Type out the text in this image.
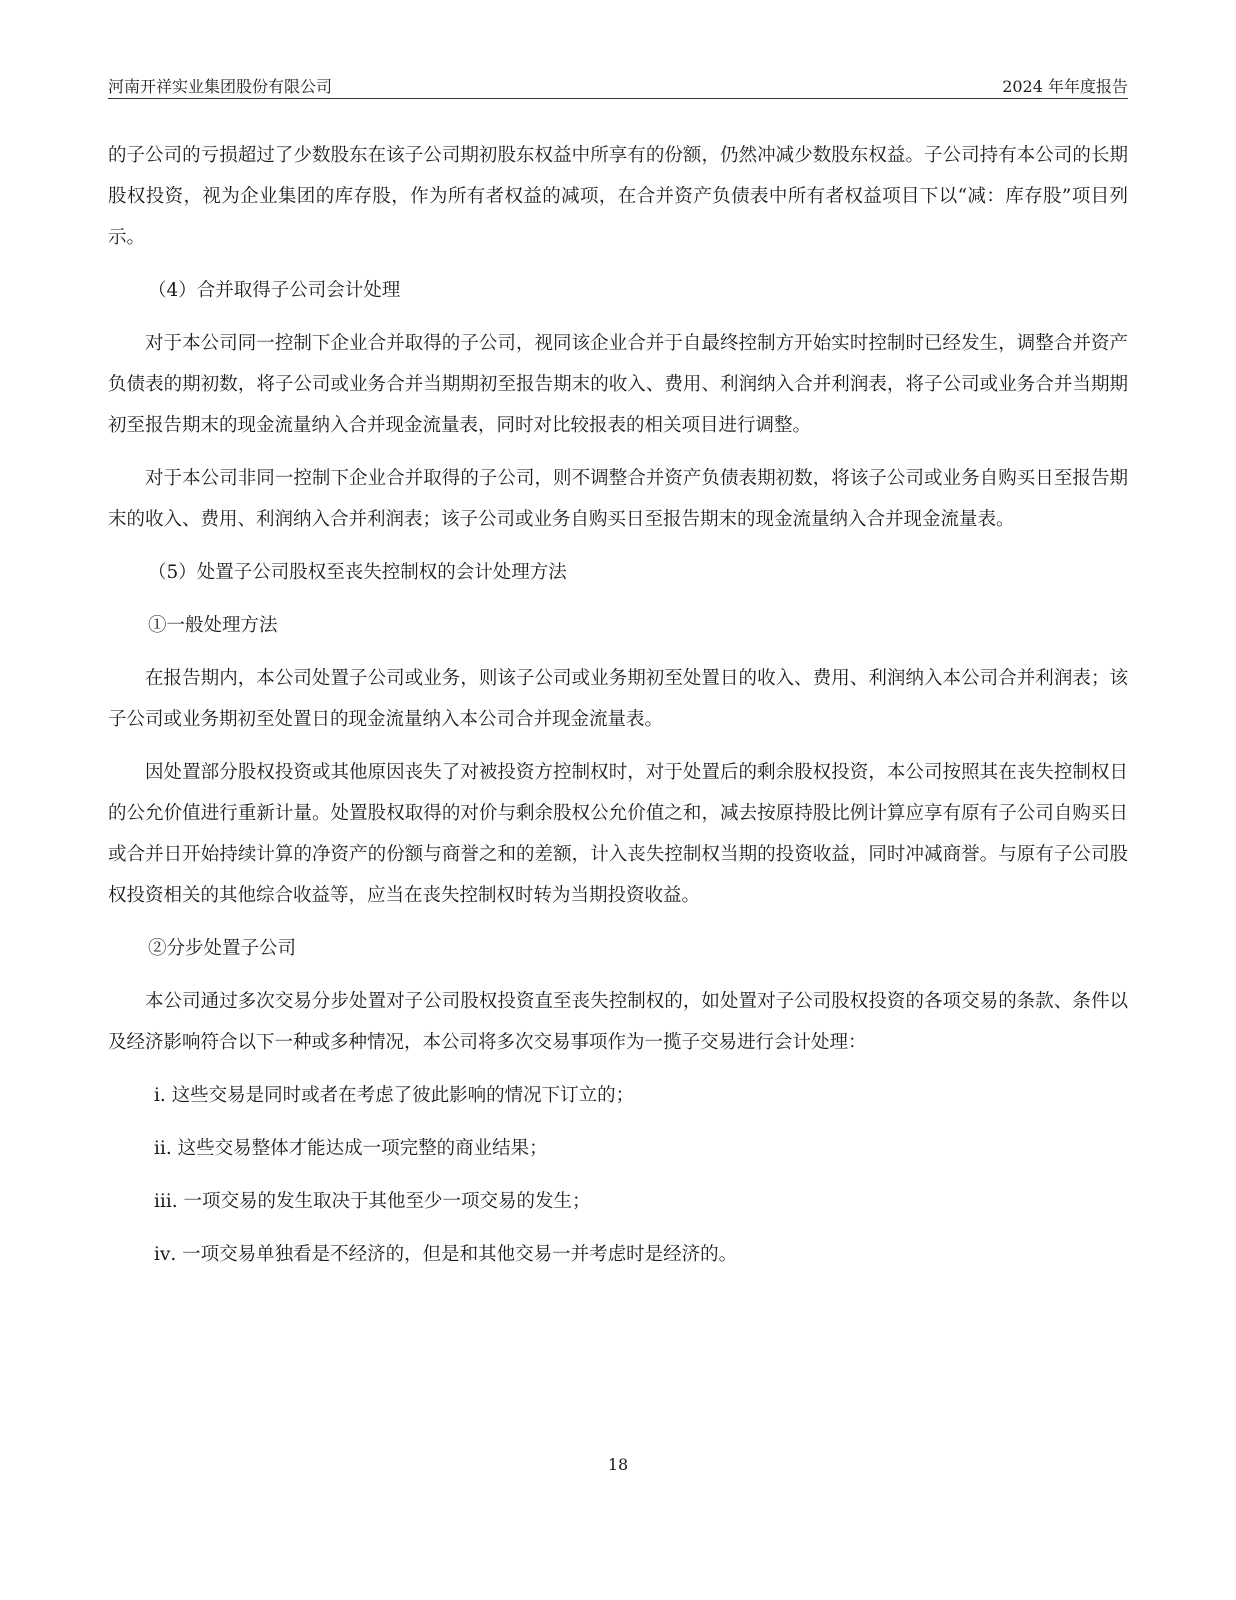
河南开祥实业集团股份有限公司	2024 年年度报告

的子公司的亏损超过了少数股东在该子公司期初股东权益中所享有的份额，仍然冲减少数股东权益。子公司持有本公司的长期股权投资，视为企业集团的库存股，作为所有者权益的减项，在合并资产负债表中所有者权益项目下以“减：库存股”项目列示。

（4）合并取得子公司会计处理

对于本公司同一控制下企业合并取得的子公司，视同该企业合并于自最终控制方开始实时控制时已经发生，调整合并资产负债表的期初数，将子公司或业务合并当期期初至报告期末的收入、费用、利润纳入合并利润表，将子公司或业务合并当期期初至报告期末的现金流量纳入合并现金流量表，同时对比较报表的相关项目进行调整。

对于本公司非同一控制下企业合并取得的子公司，则不调整合并资产负债表期初数，将该子公司或业务自购买日至报告期末的收入、费用、利润纳入合并利润表；该子公司或业务自购买日至报告期末的现金流量纳入合并现金流量表。

（5）处置子公司股权至丧失控制权的会计处理方法

①一般处理方法

在报告期内，本公司处置子公司或业务，则该子公司或业务期初至处置日的收入、费用、利润纳入本公司合并利润表；该子公司或业务期初至处置日的现金流量纳入本公司合并现金流量表。

因处置部分股权投资或其他原因丧失了对被投资方控制权时，对于处置后的剩余股权投资，本公司按照其在丧失控制权日的公允价值进行重新计量。处置股权取得的对价与剩余股权公允价值之和，减去按原持股比例计算应享有原有子公司自购买日或合并日开始持续计算的净资产的份额与商誉之和的差额，计入丧失控制权当期的投资收益，同时冲减商誉。与原有子公司股权投资相关的其他综合收益等，应当在丧失控制权时转为当期投资收益。

②分步处置子公司

本公司通过多次交易分步处置对子公司股权投资直至丧失控制权的，如处置对子公司股权投资的各项交易的条款、条件以及经济影响符合以下一种或多种情况，本公司将多次交易事项作为一揽子交易进行会计处理：

ⅰ. 这些交易是同时或者在考虑了彼此影响的情况下订立的；

ⅱ. 这些交易整体才能达成一项完整的商业结果；

ⅲ. 一项交易的发生取决于其他至少一项交易的发生；

ⅳ. 一项交易单独看是不经济的，但是和其他交易一并考虑时是经济的。

18
